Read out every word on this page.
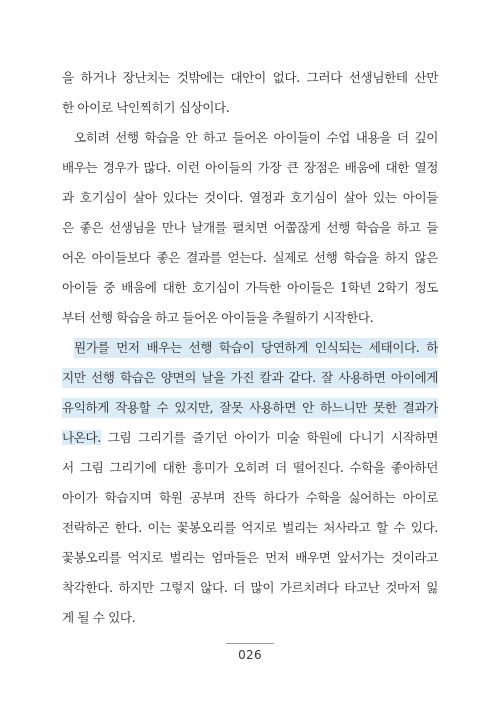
을 하거나 장난치는 것밖에는 대안이 없다. 그러다 선생님한테 산만
한 아이로 낙인찍히기 십상이다.
오히려 선행 학습을 안 하고 들어온 아이들이 수업 내용을 더 깊이
배우는 경우가 많다. 이런 아이들의 가장 큰 장점은 배움에 대한 열정
과 호기심이 살아 있다는 것이다. 열정과 호기심이 살아 있는 아이들
은 좋은 선생님을 만나 날개를 펼치면 어쭙잖게 선행 학습을 하고 들
어온 아이들보다 좋은 결과를 얻는다. 실제로 선행 학습을 하지 않은
아이들 중 배움에 대한 호기심이 가득한 아이들은 1학년 2학기 정도
부터 선행 학습을 하고 들어온 아이들을 추월하기 시작한다.
뭔가를 먼저 배우는 선행 학습이 당연하게 인식되는 세태이다. 하
지만 선행 학습은 양면의 날을 가진 칼과 같다. 잘 사용하면 아이에게
유익하게 작용할 수 있지만, 잘못 사용하면 안 하느니만 못한 결과가
나온다. 그림 그리기를 즐기던 아이가 미술 학원에 다니기 시작하면
서 그림 그리기에 대한 흥미가 오히려 더 떨어진다. 수학을 좋아하던
아이가 학습지며 학원 공부며 잔뜩 하다가 수학을 싫어하는 아이로
전락하곤 한다. 이는 꽃봉오리를 억지로 벌리는 처사라고 할 수 있다.
꽃봉오리를 억지로 벌리는 엄마들은 먼저 배우면 앞서가는 것이라고
착각한다. 하지만 그렇지 않다. 더 많이 가르치려다 타고난 것마저 잃
게 될 수 있다.
026
